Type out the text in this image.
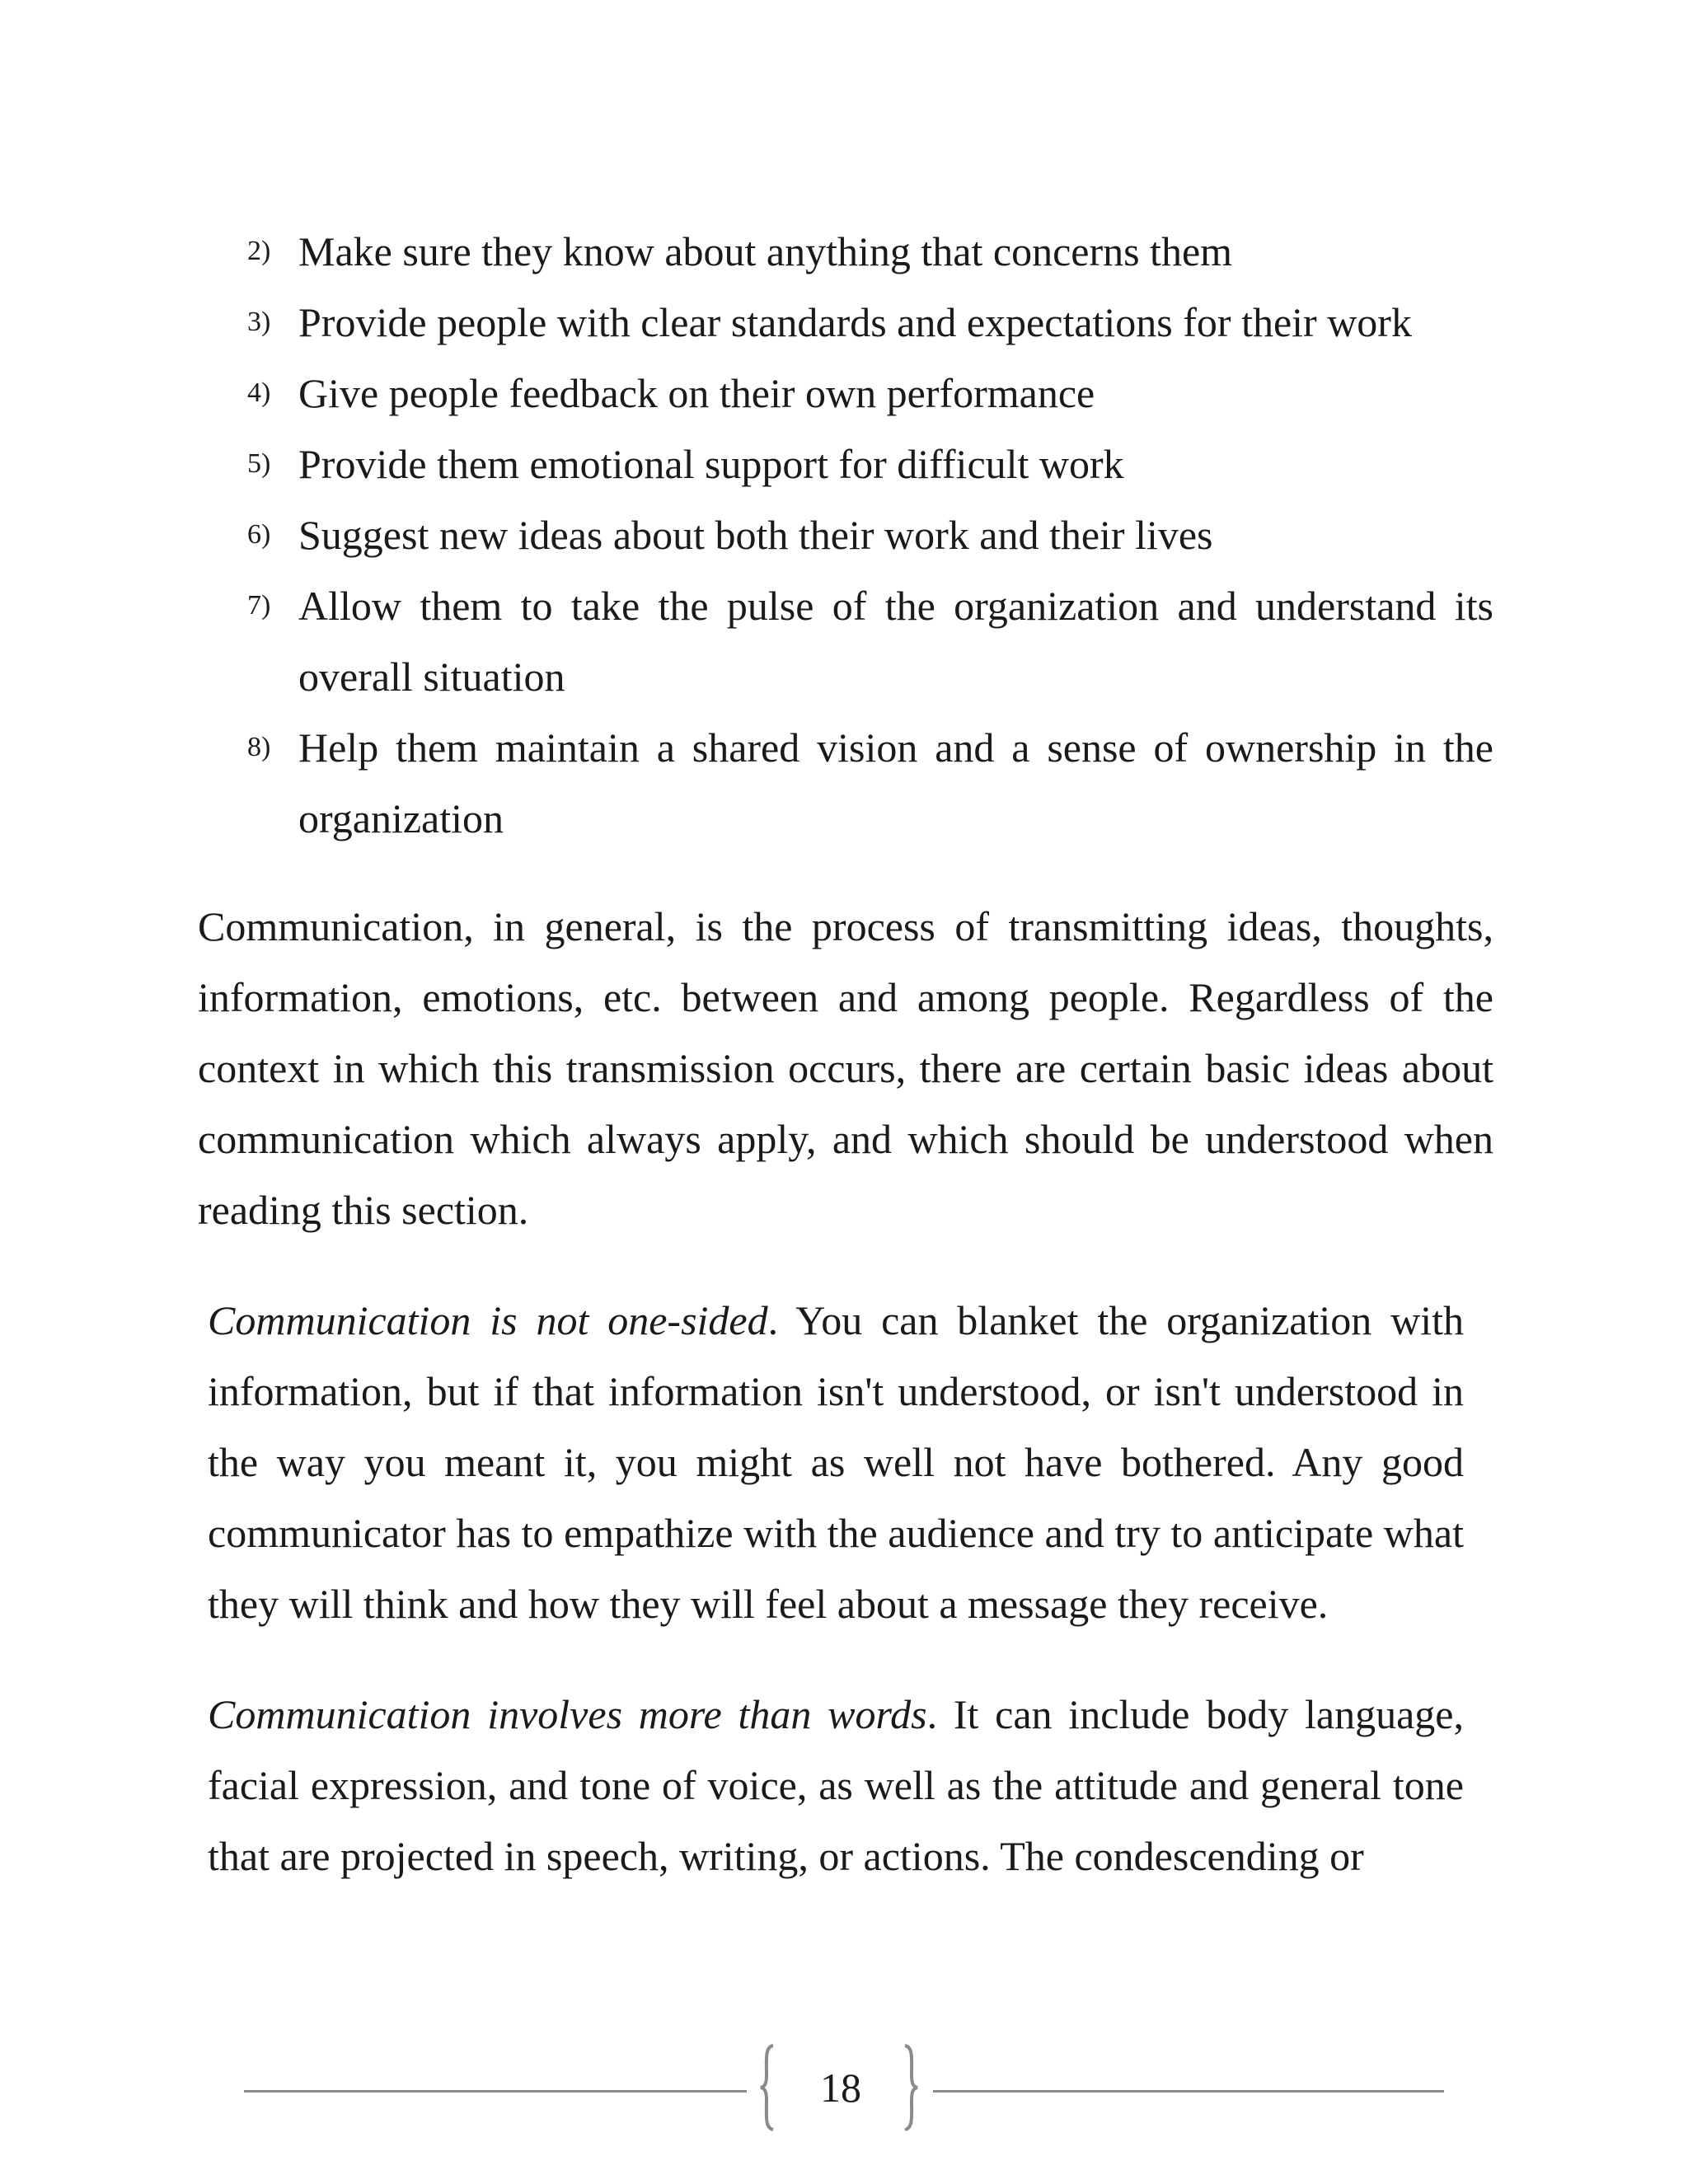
2) Make sure they know about anything that concerns them
3) Provide people with clear standards and expectations for their work
4) Give people feedback on their own performance
5) Provide them emotional support for difficult work
6) Suggest new ideas about both their work and their lives
7) Allow them to take the pulse of the organization and understand its overall situation
8) Help them maintain a shared vision and a sense of ownership in the organization

Communication, in general, is the process of transmitting ideas, thoughts, information, emotions, etc. between and among people. Regardless of the context in which this transmission occurs, there are certain basic ideas about communication which always apply, and which should be understood when reading this section.

Communication is not one-sided. You can blanket the organization with information, but if that information isn't understood, or isn't understood in the way you meant it, you might as well not have bothered. Any good communicator has to empathize with the audience and try to anticipate what they will think and how they will feel about a message they receive.

Communication involves more than words. It can include body language, facial expression, and tone of voice, as well as the attitude and general tone that are projected in speech, writing, or actions. The condescending or

18
